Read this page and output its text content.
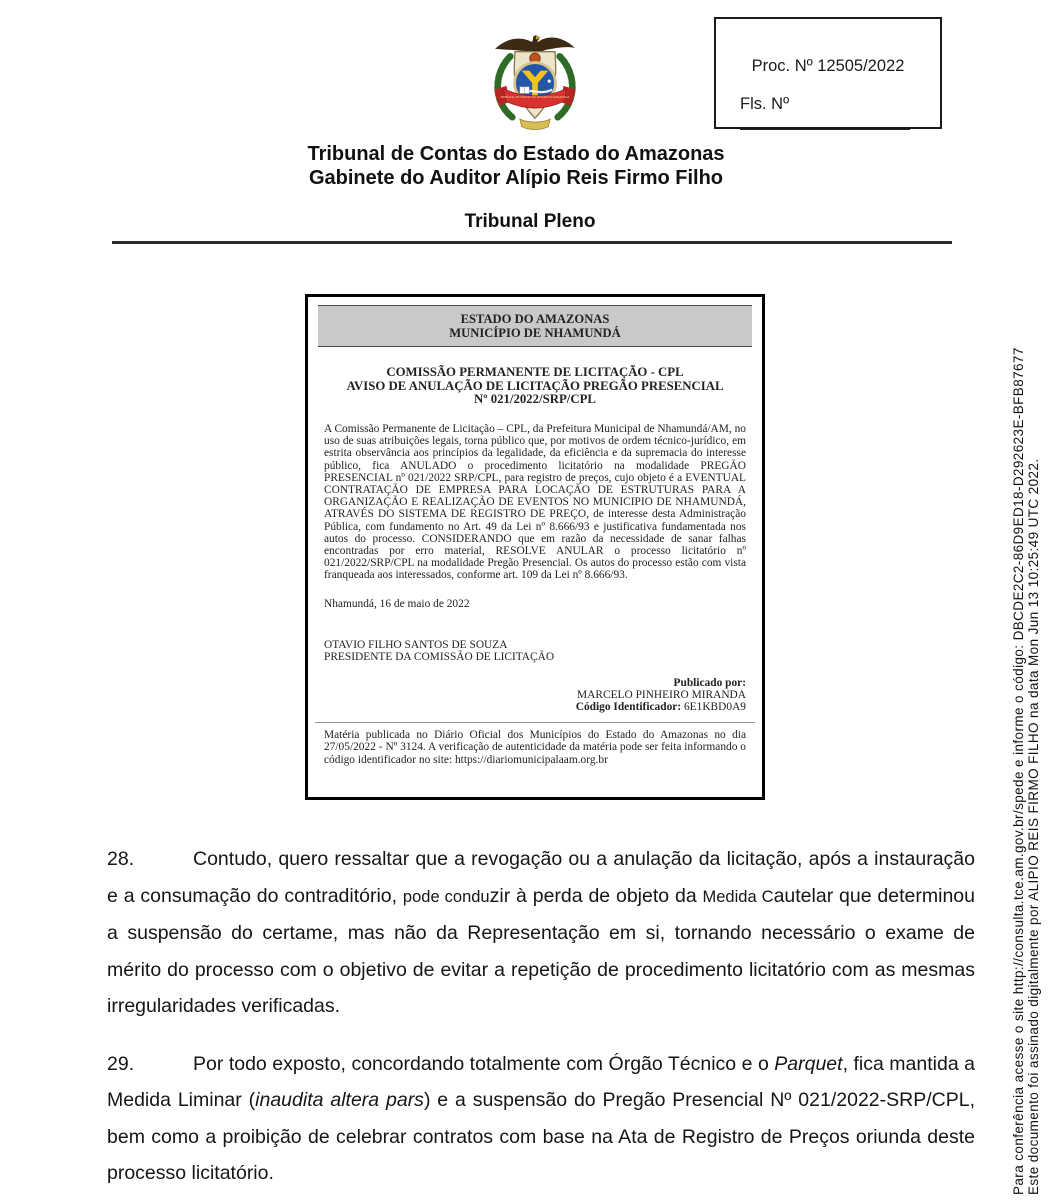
TRIBUNAL DE CONTAS DO ESTADO DO AMAZONAS
Proc. Nº 12505/2022
Fls. Nº
Tribunal de Contas do Estado do Amazonas
Gabinete do Auditor Alípio Reis Firmo Filho
Tribunal Pleno
ESTADO DO AMAZONAS
MUNICÍPIO DE NHAMUNDÁ
COMISSÃO PERMANENTE DE LICITAÇÃO - CPL
AVISO DE ANULAÇÃO DE LICITAÇÃO PREGÃO PRESENCIAL
Nº 021/2022/SRP/CPL
A Comissão Permanente de Licitação – CPL, da Prefeitura Municipal de Nhamundá/AM, no uso de suas atribuições legais, torna público que, por motivos de ordem técnico-jurídico, em estrita observância aos princípios da legalidade, da eficiência e da supremacia do interesse público, fica ANULADO o procedimento licitatório na modalidade PREGÃO PRESENCIAL nº 021/2022 SRP/CPL, para registro de preços, cujo objeto é a EVENTUAL CONTRATAÇÃO DE EMPRESA PARA LOCAÇÃO DE ESTRUTURAS PARA A ORGANIZAÇÃO E REALIZAÇÃO DE EVENTOS NO MUNICIPIO DE NHAMUNDÁ, ATRAVÉS DO SISTEMA DE REGISTRO DE PREÇO, de interesse desta Administração Pública, com fundamento no Art. 49 da Lei nº 8.666/93 e justificativa fundamentada nos autos do processo. CONSIDERANDO que em razão da necessidade de sanar falhas encontradas por erro material, RESOLVE ANULAR o processo licitatório nº 021/2022/SRP/CPL na modalidade Pregão Presencial. Os autos do processo estão com vista franqueada aos interessados, conforme art. 109 da Lei nº 8.666/93.
Nhamundá, 16 de maio de 2022
OTAVIO FILHO SANTOS DE SOUZA
PRESIDENTE DA COMISSÃO DE LICITAÇÃO
Publicado por:
MARCELO PINHEIRO MIRANDA
Código Identificador: 6E1KBD0A9
Matéria publicada no Diário Oficial dos Municípios do Estado do Amazonas no dia 27/05/2022 - Nº 3124. A verificação de autenticidade da matéria pode ser feita informando o código identificador no site: https://diariomunicipalaam.org.br

28.	Contudo, quero ressaltar que a revogação ou a anulação da licitação, após a instauração e a consumação do contraditório, pode conduzir à perda de objeto da Medida Cautelar que determinou a suspensão do certame, mas não da Representação em si, tornando necessário o exame de mérito do processo com o objetivo de evitar a repetição de procedimento licitatório com as mesmas irregularidades verificadas.

29.	Por todo exposto, concordando totalmente com Órgão Técnico e o Parquet, fica mantida a Medida Liminar (inaudita altera pars) e a suspensão do Pregão Presencial Nº 021/2022-SRP/CPL, bem como a proibição de celebrar contratos com base na Ata de Registro de Preços oriunda deste processo licitatório.	Este documento foi assinado digitalmente por ALIPIO REIS FIRMO FILHO na data Mon Jun 13 10:25:49 UTC 2022.
Para conferência acesse o site http://consulta.tce.am.gov.br/spede e informe o código: DBCDE2C2-86D9ED18-D292623E-BFB87677
